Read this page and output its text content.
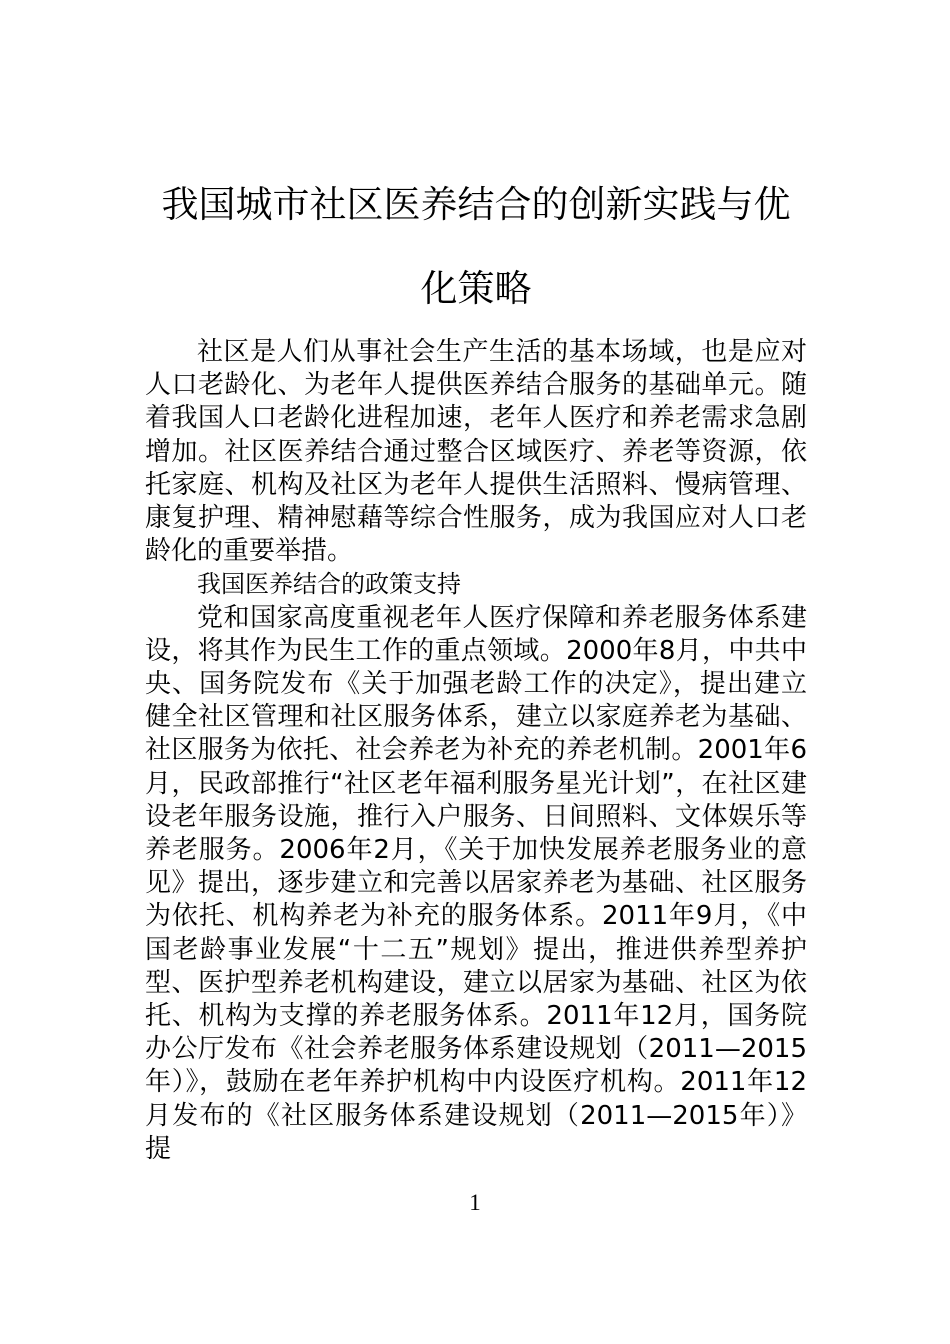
我国城市社区医养结合的创新实践与优化策略

社区是人们从事社会生产生活的基本场域，也是应对人口老龄化、为老年人提供医养结合服务的基础单元。随着我国人口老龄化进程加速，老年人医疗和养老需求急剧增加。社区医养结合通过整合区域医疗、养老等资源，依托家庭、机构及社区为老年人提供生活照料、慢病管理、康复护理、精神慰藉等综合性服务，成为我国应对人口老龄化的重要举措。

我国医养结合的政策支持

党和国家高度重视老年人医疗保障和养老服务体系建设，将其作为民生工作的重点领域。2000年8月，中共中央、国务院发布《关于加强老龄工作的决定》，提出建立健全社区管理和社区服务体系，建立以家庭养老为基础、社区服务为依托、社会养老为补充的养老机制。2001年6月，民政部推行“社区老年福利服务星光计划”，在社区建设老年服务设施，推行入户服务、日间照料、文体娱乐等养老服务。2006年2月，《关于加快发展养老服务业的意见》提出，逐步建立和完善以居家养老为基础、社区服务为依托、机构养老为补充的服务体系。2011年9月，《中国老龄事业发展“十二五”规划》提出，推进供养型养护型、医护型养老机构建设，建立以居家为基础、社区为依托、机构为支撑的养老服务体系。2011年12月，国务院办公厅发布《社会养老服务体系建设规划（2011—2015年）》，鼓励在老年养护机构中内设医疗机构。2011年12月发布的《社区服务体系建设规划（2011—2015年）》提

1
